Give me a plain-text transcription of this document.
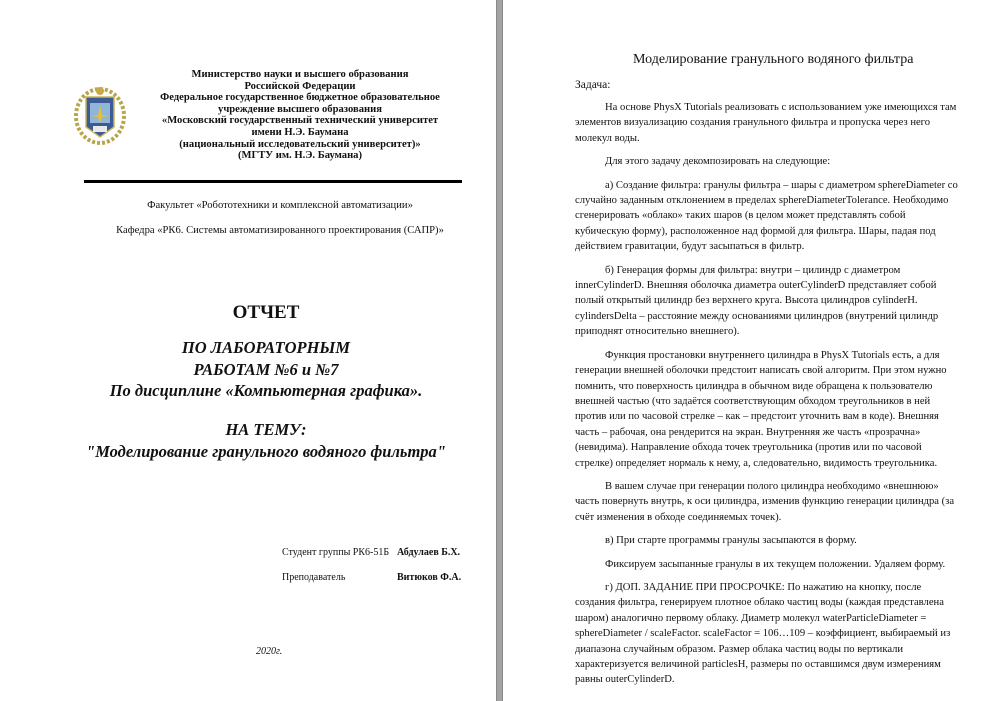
Министерство науки и высшего образования
Российской Федерации
Федеральное государственное бюджетное образовательное
учреждение высшего образования
«Московский государственный технический университет
имени Н.Э. Баумана
(национальный исследовательский университет)»
(МГТУ им. Н.Э. Баумана)
Факультет «Робототехники и комплексной автоматизации»
Кафедра «РК6. Системы автоматизированного проектирования (САПР)»
ОТЧЕТ
ПО ЛАБОРАТОРНЫМ
РАБОТАМ №6 и №7
По дисциплине «Компьютерная графика».
НА ТЕМУ:
"Моделирование гранульного водяного фильтра"
Студент группы РК6-51Б Абдулаев Б.Х.
Преподаватель	Витюков Ф.А.
2020г.
Моделирование гранульного водяного фильтра
Задача:

На основе PhysX Tutorials реализовать с использованием уже имеющихся там элементов визуализацию создания гранульного фильтра и пропуска через него молекул воды.

Для этого задачу декомпозировать на следующие:

а) Создание фильтра: гранулы фильтра – шары с диаметром sphereDiameter со случайно заданным отклонением в пределах sphereDiameterTolerance. Необходимо сгенерировать «облако» таких шаров (в целом может представлять собой кубическую форму), расположенное над формой для фильтра. Шары, падая под действием гравитации, будут засыпаться в фильтр.

б) Генерация формы для фильтра: внутри – цилиндр с диаметром innerCylinderD. Внешняя оболочка диаметра outerCylinderD представляет собой полый открытый цилиндр без верхнего круга. Высота цилиндров cylinderH. cylindersDelta – расстояние между основаниями цилиндров (внутрений цилиндр приподнят относительно внешнего).

Функция простановки внутреннего цилиндра в PhysX Tutorials есть, а для генерации внешней оболочки предстоит написать свой алгоритм. При этом нужно помнить, что поверхность цилиндра в обычном виде обращена к пользователю внешней частью (что задаётся соответствующим обходом треугольников в ней против или по часовой стрелке – как – предстоит уточнить вам в коде). Внешняя часть – рабочая, она рендерится на экран. Внутренняя же часть «прозрачна» (невидима). Направление обхода точек треугольника (против или по часовой стрелке) определяет нормаль к нему, а, следовательно, видимость треугольника.

В вашем случае при генерации полого цилиндра необходимо «внешнюю» часть повернуть внутрь, к оси цилиндра, изменив функцию генерации цилиндра (за счёт изменения в обходе соединяемых точек).

в) При старте программы гранулы засыпаются в форму.

Фиксируем засыпанные гранулы в их текущем положении. Удаляем форму.

г) ДОП. ЗАДАНИЕ ПРИ ПРОСРОЧКЕ: По нажатию на кнопку, после создания фильтра, генерируем плотное облако частиц воды (каждая представлена шаром) аналогично первому облаку. Диаметр молекул waterParticleDiameter = sphereDiameter / scaleFactor. scaleFactor = 106…109 – коэффициент, выбираемый из диапазона случайным образом. Размер облака частиц воды по вертикали характеризуется величиной particlesH, размеры по оставшимся двум измерениям равны outerCylinderD.
